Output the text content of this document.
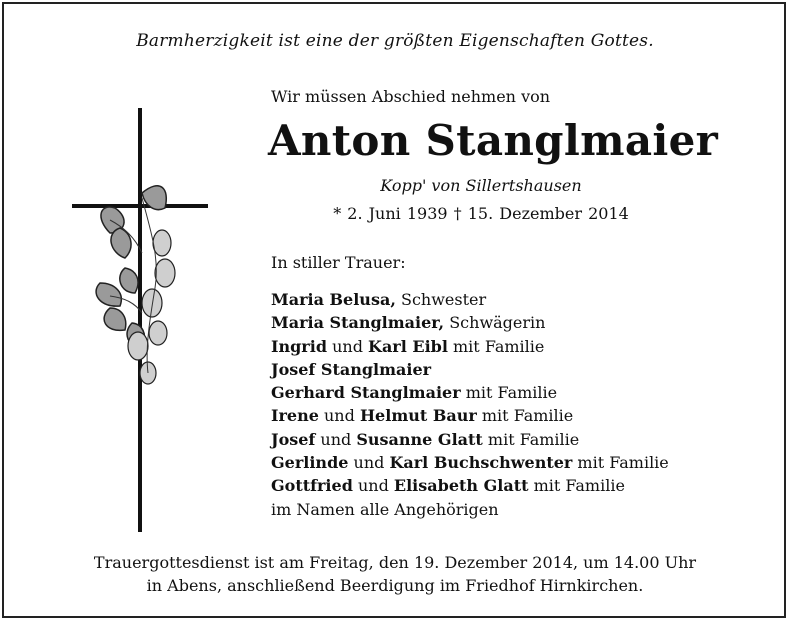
Barmherzigkeit ist eine der größten Eigenschaften Gottes.
Wir müssen Abschied nehmen von
Anton Stanglmaier
Kopp' von Sillertshausen
* 2. Juni 1939 † 15. Dezember 2014
In stiller Trauer:
Maria Belusa, Schwester
Maria Stanglmaier, Schwägerin
Ingrid und Karl Eibl mit Familie
Josef Stanglmaier
Gerhard Stanglmaier mit Familie
Irene und Helmut Baur mit Familie
Josef und Susanne Glatt mit Familie
Gerlinde und Karl Buchschwenter mit Familie
Gottfried und Elisabeth Glatt mit Familie
im Namen alle Angehörigen
Trauergottesdienst ist am Freitag, den 19. Dezember 2014, um 14.00 Uhr
in Abens, anschließend Beerdigung im Friedhof Hirnkirchen.
